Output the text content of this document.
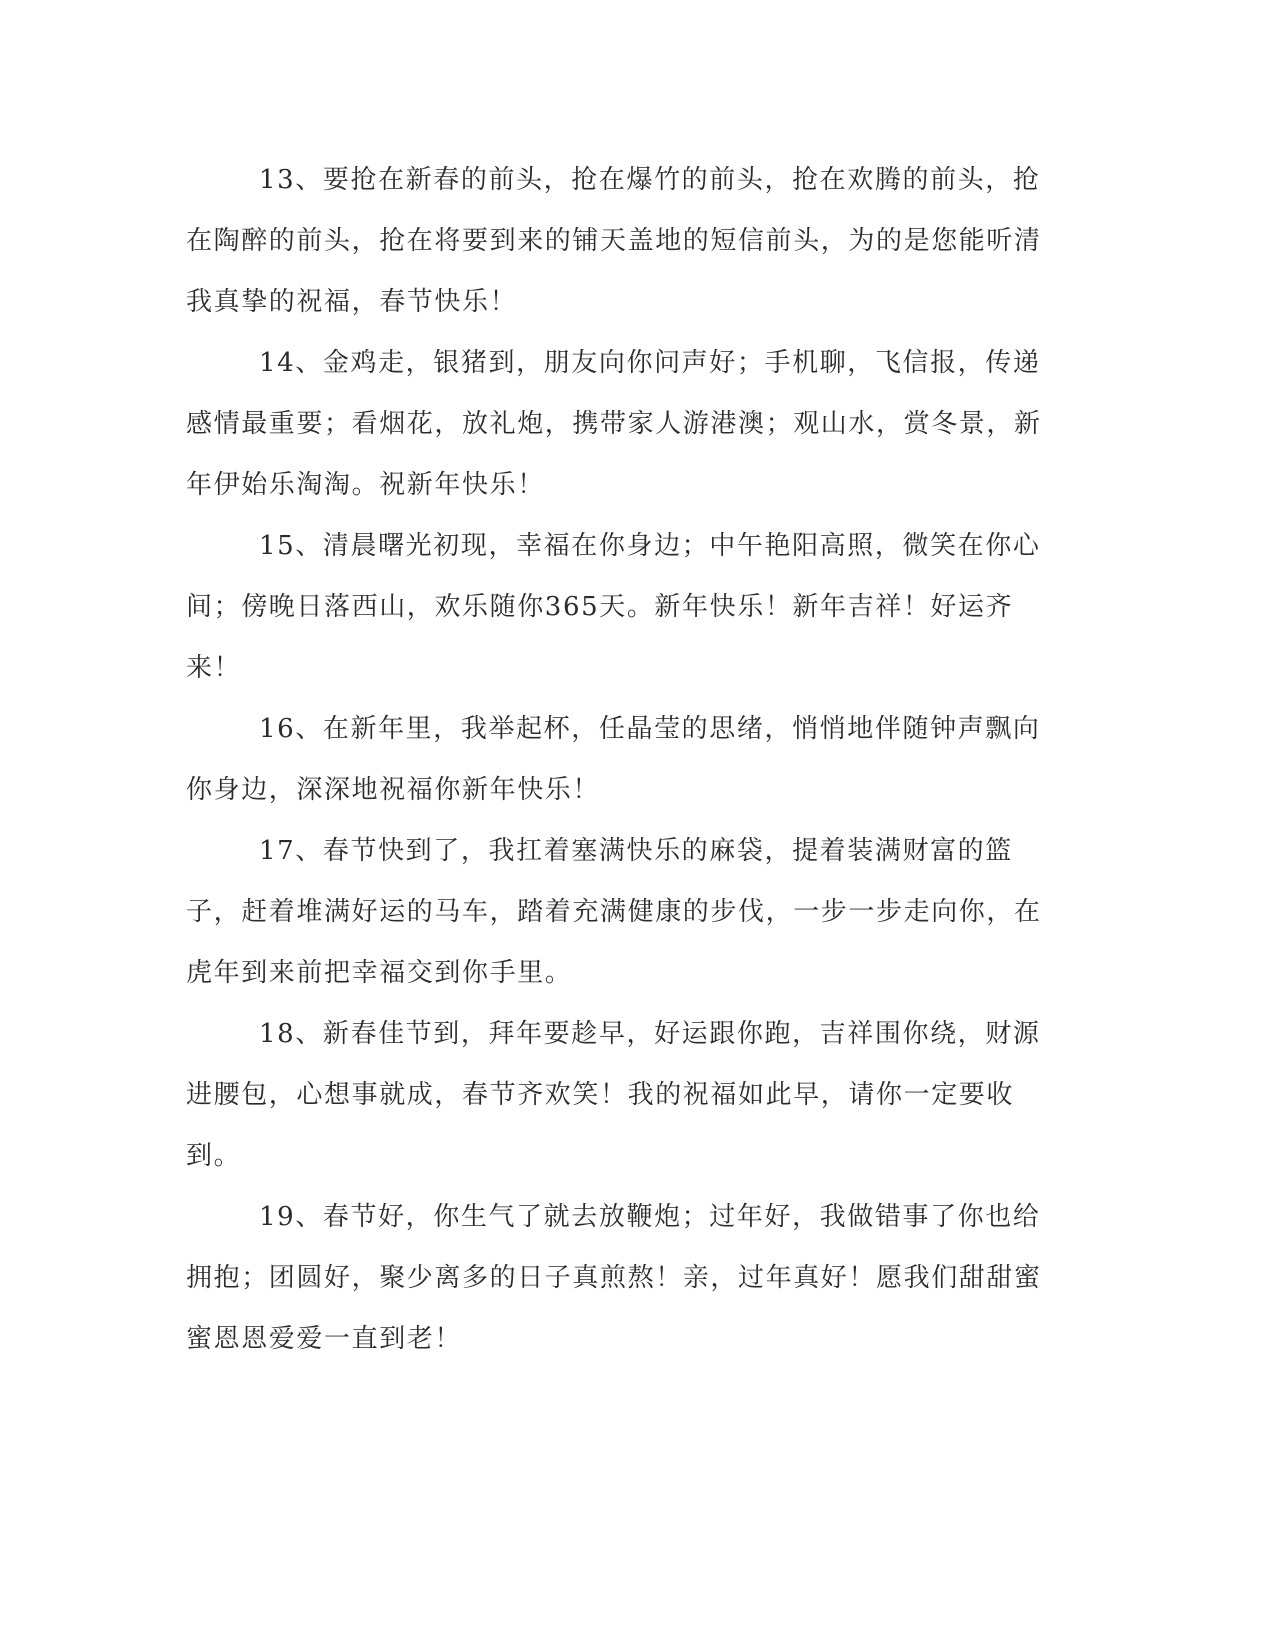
13、要抢在新春的前头，抢在爆竹的前头，抢在欢腾的前头，抢在陶醉的前头，抢在将要到来的铺天盖地的短信前头，为的是您能听清我真挚的祝福，春节快乐！

14、金鸡走，银猪到，朋友向你问声好；手机聊，飞信报，传递感情最重要；看烟花，放礼炮，携带家人游港澳；观山水，赏冬景，新年伊始乐淘淘。祝新年快乐！

15、清晨曙光初现，幸福在你身边；中午艳阳高照，微笑在你心间；傍晚日落西山，欢乐随你365天。新年快乐！新年吉祥！好运齐来！

16、在新年里，我举起杯，任晶莹的思绪，悄悄地伴随钟声飘向你身边，深深地祝福你新年快乐！

17、春节快到了，我扛着塞满快乐的麻袋，提着装满财富的篮子，赶着堆满好运的马车，踏着充满健康的步伐，一步一步走向你，在虎年到来前把幸福交到你手里。

18、新春佳节到，拜年要趁早，好运跟你跑，吉祥围你绕，财源进腰包，心想事就成，春节齐欢笑！我的祝福如此早，请你一定要收到。

19、春节好，你生气了就去放鞭炮；过年好，我做错事了你也给拥抱；团圆好，聚少离多的日子真煎熬！亲，过年真好！愿我们甜甜蜜蜜恩恩爱爱一直到老！
